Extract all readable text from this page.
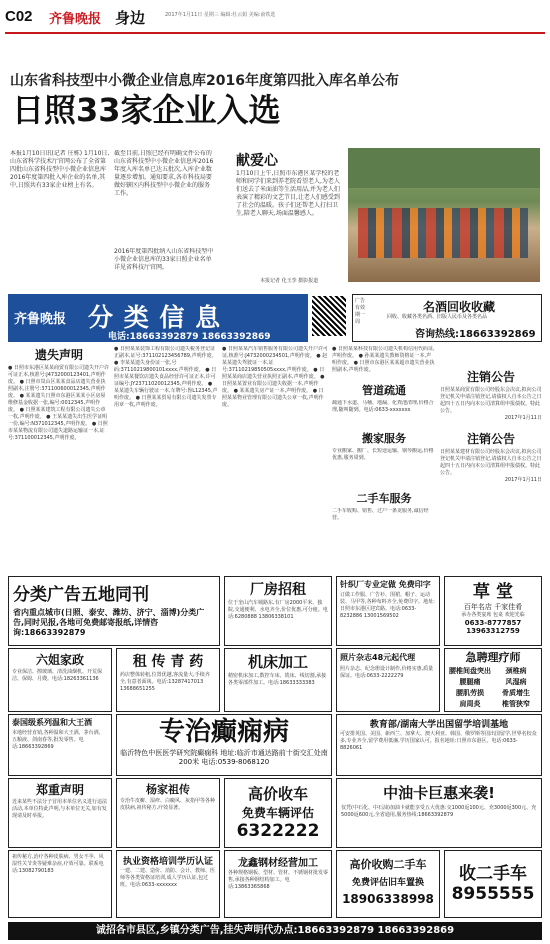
C02 齐鲁晚报 身边	2017年1月11日 星期三 编辑:杜云娟 美编:俞铁选
山东省科技型中小微企业信息库2016年度第四批入库名单公布
日照33家企业入选
本报1月10日讯(记者 庄栋) 1月10日,山东省科学技术厅官网公布了全省第四批山东省科技型中小微企业信息库2016年度第四批入库企业的名单,其中,日照共有33家企业榜上有名。
截至目前,日照已经有明确文件公布的山东省科技型中小微企业信息库2016年度入库名单已达五批次,入库企业数量逐步增加。通知要求,各市科技局要做好辖区内科技型中小微企业的服务工作。
2016年度第四批纳入山东省科技型中小微企业信息库的33家日照企业名单详见省科技厅官网。
献爱心
1月10日上午,日照市东港区某学校的老师和同学们来到养老院看望老人,为老人们送去了米面油等生活用品,并为老人们表演了精彩的文艺节目,让老人们感受到了社会的温暖。孩子们还帮老人打扫卫生,陪老人聊天,场面温馨感人。
本报记者 化玉孪 摄影报道
齐鲁晚报 分 类 信 息
电话:18663392879 18663392869
广告有效期一周
名酒回收收藏
回收、收藏各类名酒、旧版人民币及各类名品
咨询热线:18663392869
遗失声明
● 日照市东港区某某商贸有限公司遗失开户许可证正本,核准号:J4732000123401,声明作废。 ● 日照市岚山区某某食品店遗失营业执照副本,注册号:371100600012345,声明作废。 ● 某某遗失日照市东港区某某小区房屋维修基金收据一张,编号:0012345,声明作废。 ● 日照某某建筑工程有限公司遗失公章一枚,声明作废。 ● 王某某遗失出生医学证明一份,编号:N371012345,声明作废。 ● 日照市某某物流有限公司遗失道路运输证一本,证号:371100012345,声明作废。
● 日照某某装饰工程有限公司遗失税务登记证正副本,证号:371102123456789,声明作废。 ● 李某某遗失身份证一张,号码:37110219800101xxxx,声明作废。 ● 日照市某某餐饮店遗失食品经营许可证正本,许可证编号:JY23711020012345,声明作废。 ● 某某遗失车辆行驶证一本,车牌号:鲁L12345,声明作废。 ● 日照某某贸易有限公司遗失发票专用章一枚,声明作废。
● 日照某某汽车销售服务有限公司遗失开户许可证,核准号:J4732000234501,声明作废。 ● 赵某某遗失驾驶证一本,证号:37110219850505xxxx,声明作废。 ● 日照某某商店遗失营业执照正副本,声明作废。 ● 日照某某置业有限公司遗失收据一本,声明作废。 ● 某某遗失房产证一本,声明作废。 ● 日照某某物业管理有限公司遗失公章一枚,声明作废。
● 日照某某科技有限公司遗失机构信用代码证,声明作废。 ● 孙某某遗失教师资格证一本,声明作废。 ● 日照市东港区某某超市遗失营业执照副本,声明作废。
管道疏通
疏通下水道、马桶、地漏、化粪池清理,价格合理,随叫随到。电话:0633-xxxxxxx
搬家服务
专业搬家、搬厂、长短途运输、钢琴搬运,价格优惠,服务周到。
二手车服务
二手车收购、销售、过户一条龙服务,诚信经营。
注销公告
日照某某商贸有限公司经股东会决议,拟向公司登记机关申请注销登记,请债权人自本公告之日起四十五日内向本公司清算组申报债权。特此公告。
2017年1月11日
注销公告
日照某某建材有限公司经股东会决议,拟向公司登记机关申请注销登记,请债权人自本公告之日起四十五日内向本公司清算组申报债权。特此公告。
2017年1月11日
分类广告五地同刊
省内重点城市(日照、泰安、潍坊、济宁、淄博)分类广告,同时见报,各地可免费邮寄报纸,详情咨询:18663392879
厂房招租
位于奎山汽车城路东,有厂房2000平米、独院,交通便利、水电齐全,价位优惠,可分租。电话:6280888 13806338101
针织厂专业定做 免费印字
订做工作服、广告衫、围裙、帽子、运动装、马甲等,各种布料齐全,免费印字。地址:日照市东港区迎宾路。电话:0633-8232886 13001569502
草 堂
百年名店 千家佳肴
承办各类宴席 包桌 欢迎光临
0633-8777857 13963312759
六姐家政
专业保洁、擦玻璃、清洗油烟机、开荒保洁、保姆、月嫂。电话:18263361136
租 传 青 药
药店整体转租,位置优越,客流量大,手续齐全,有意者面谈。电话:13287417013 13688651255
机床加工
精密机床加工,数控车床、铣床、线切割,承接各类零部件加工。电话:18633333383
照片杂志48元起代理
照片杂志、纪念册设计制作,价格实惠,质量保证。电话:0633-2222279
急聘理疗师
腰椎间盘突出	颈椎病
腰腿痛	风湿病
腰肌劳损	骨质增生
肩周炎	椎管狭窄
泰国级系列温和大王酒
本地经营直销,各种温和大王酒、茅台酒、五粮液、剑南春等,批发零售。电话:18663392869	专治癫痫病
临沂特色中医医学研究院癫痫科 地址:临沂市通达路前十街交汇处南200米 电话:0539-8068120
教育部/湖南大学出国留学培训基地
可安排英国、美国、新西兰、加拿大、澳大利亚、韩国、俄罗斯等国出国留学,世界名校众多,专业齐全,留学费用低廉,学历国家认可。报名地址:日照市东港区。电话:0633-8826061
郑重声明
近来某些不法分子冒用本单位名义进行违法活动,本单位特此声明,与本单位无关,如有发现请及时举报。
杨家祖传
专治牛皮癣、湿疹、白癜风、灰指甲等各种皮肤病,祖传秘方,疗效显著。
高价收车
免费车辆评估
6322222
中油卡巨惠来袭!
仅凭(中石化、中石油)加油卡就能享受五大优惠:交1000返100元、充3000返300元、充5000返600元,全省通用,服务热线:18663392879
祖传秘方,治疗各种皮肤病、男女不孕、风湿性关节炎等疑难杂症,疗效可靠。联系电话:13082790183
执业资格培训学历认证
一建、二建、造价、消防、会计、教师、医师等各类资格证培训,成人学历认证,包过班。电话:0633-xxxxxxx
龙鑫钢材经营加工
各种规格钢板、型材、管材、不锈钢材批发零售,承接各种钢结构加工。电话:13863365868
高价收购二手车
免费评估旧车置换
18906338998
收二手车
8955555
诚招各市县区,乡镇分类广告,挂失声明代办点:18663392879 18663392869
